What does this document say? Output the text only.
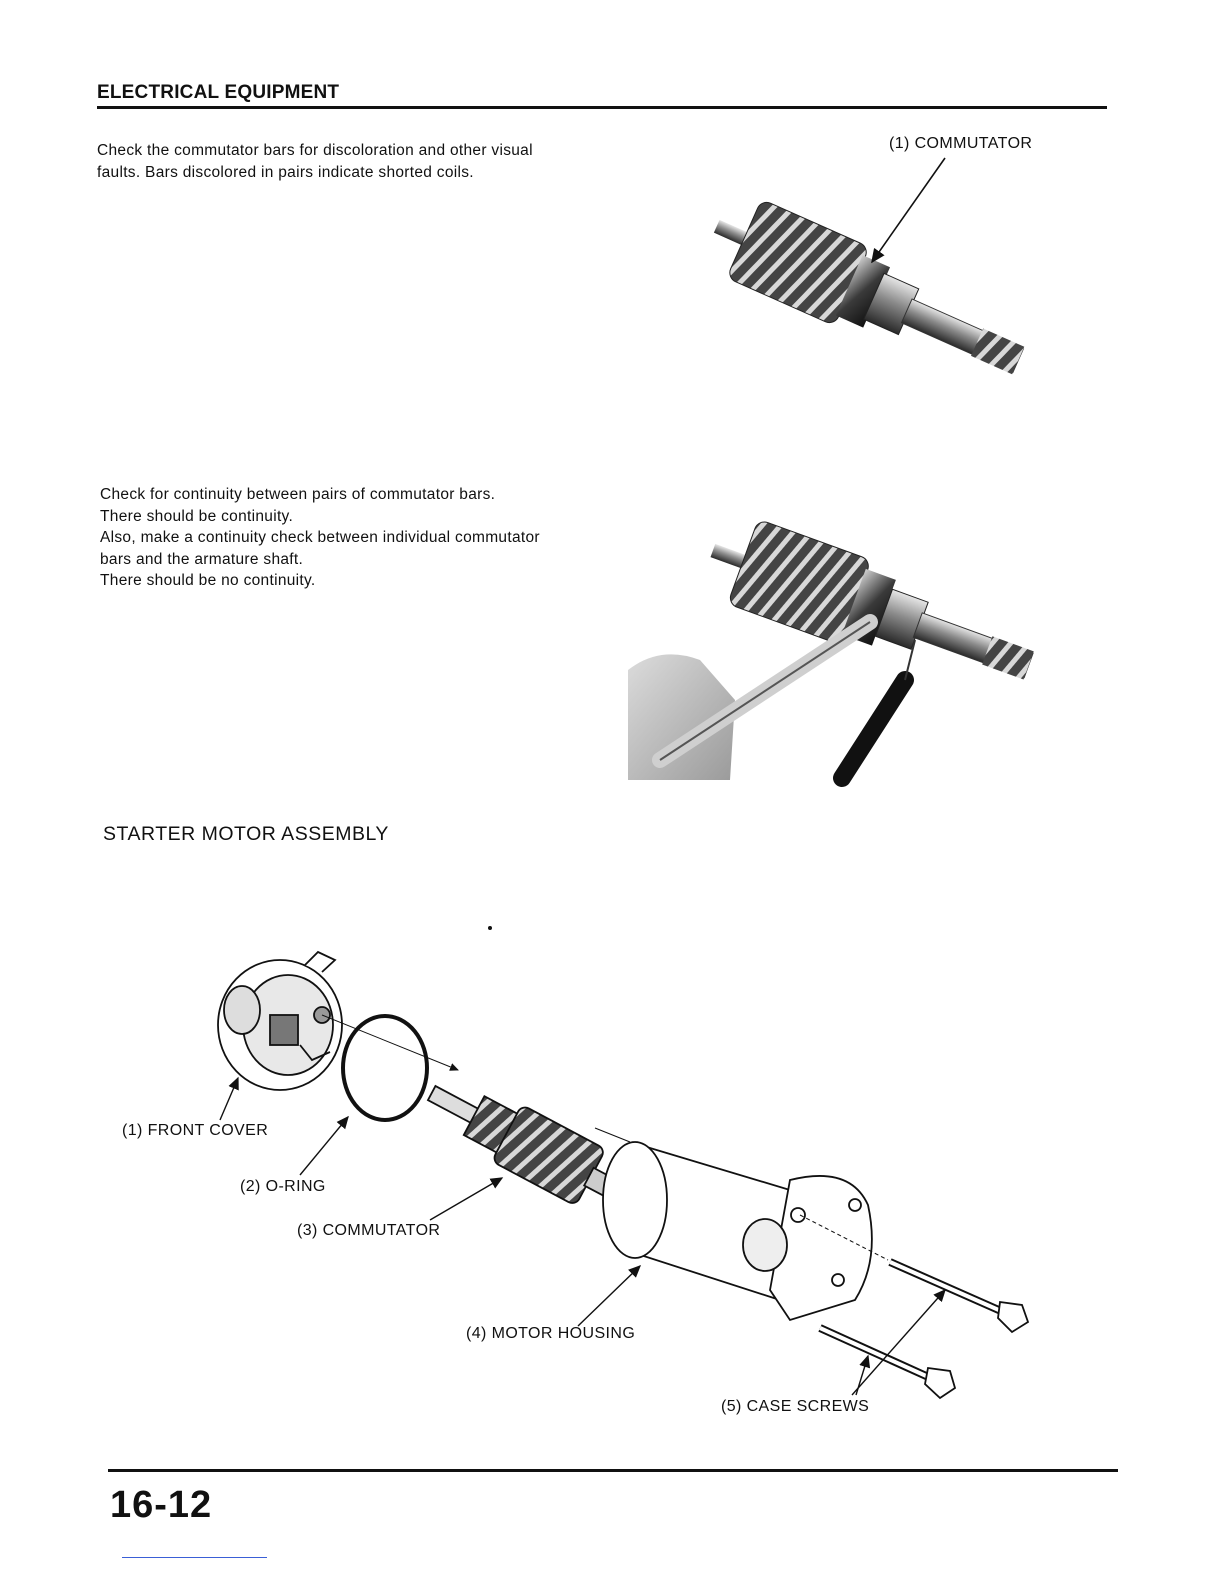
ELECTRICAL EQUIPMENT
Check the commutator bars for discoloration and other visual
faults. Bars discolored in pairs indicate shorted coils.
Check for continuity between pairs of commutator bars.
There should be continuity.
Also, make a continuity check between individual commutator
bars and the armature shaft.
There should be no continuity.
(1) COMMUTATOR
STARTER MOTOR ASSEMBLY
(1) FRONT COVER
(2) O-RING
(3) COMMUTATOR
(4) MOTOR HOUSING
(5) CASE SCREWS
16-12
